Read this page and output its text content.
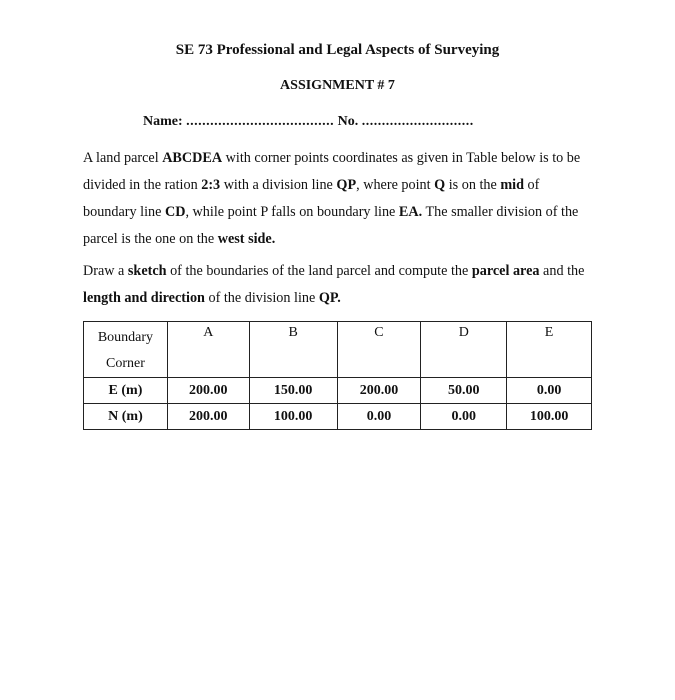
SE 73 Professional and Legal Aspects of Surveying
ASSIGNMENT # 7
Name: ..................................... No. ............................
A land parcel ABCDEA with corner points coordinates as given in Table below is to be divided in the ration 2:3 with a division line QP, where point Q is on the mid of boundary line CD, while point P falls on boundary line EA. The smaller division of the parcel is the one on the west side.
Draw a sketch of the boundaries of the land parcel and compute the parcel area and the length and direction of the division line QP.
Boundary
Corner	A	B	C	D	E
E (m)	200.00	150.00	200.00	50.00	0.00
N (m)	200.00	100.00	0.00	0.00	100.00
